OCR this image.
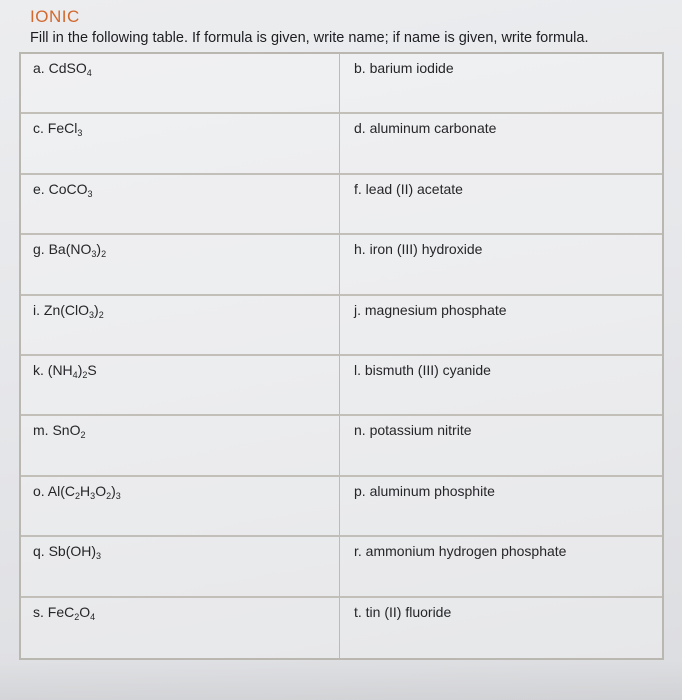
IONIC
Fill in the following table. If formula is given, write name; if name is given, write formula.
a. CdSO$_4$	b. barium iodide
c. FeCl$_3$	d. aluminum carbonate
e. CoCO$_3$	f. lead (II) acetate
g. $Ba(NO_3)_2$	h. iron (III) hydroxide
i. $Zn(ClO_3)_2$	j. magnesium phosphate
k. $(NH_4)_2S$	l. bismuth (III) cyanide
m. SnO$_2$	n. potassium nitrite
o. $Al(C_2H_3O_2)_3$	p. aluminum phosphite
q. $Sb(OH)_3$	r. ammonium hydrogen phosphate
s. $FeC_2O_4$	t. tin (II) fluoride
